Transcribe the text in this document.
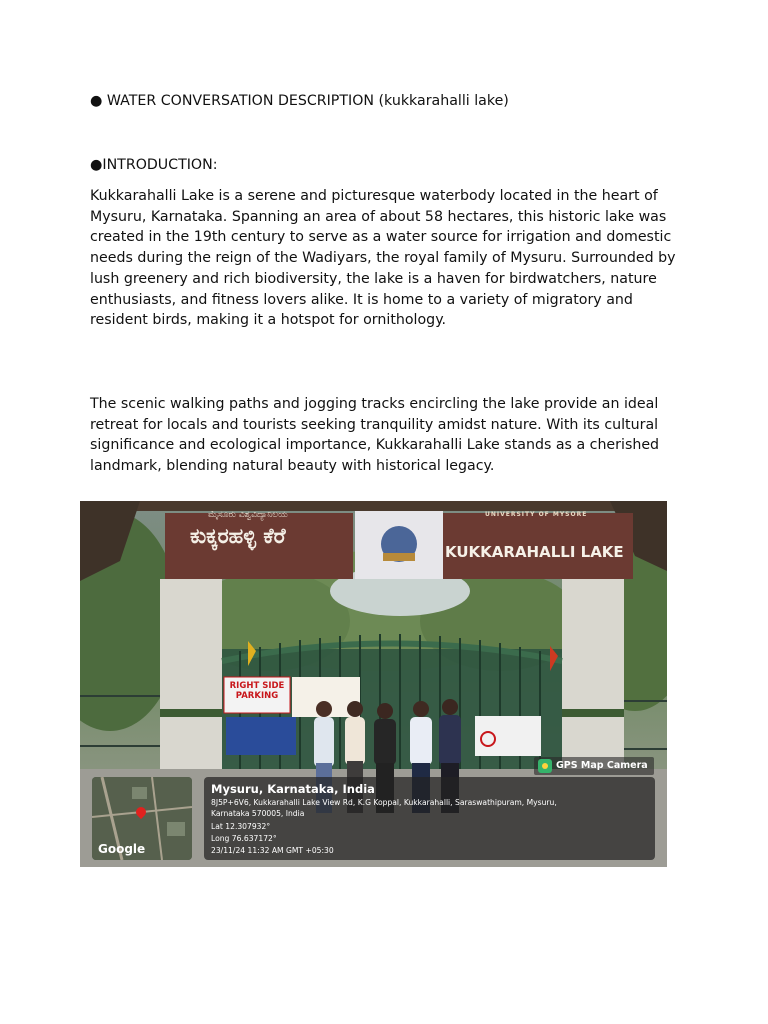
● WATER CONVERSATION DESCRIPTION (kukkarahalli lake)
●INTRODUCTION:

Kukkarahalli Lake is a serene and picturesque waterbody located in the heart of Mysuru, Karnataka. Spanning an area of about 58 hectares, this historic lake was created in the 19th century to serve as a water source for irrigation and domestic needs during the reign of the Wadiyars, the royal family of Mysuru. Surrounded by lush greenery and rich biodiversity, the lake is a haven for birdwatchers, nature enthusiasts, and fitness lovers alike. It is home to a variety of migratory and resident birds, making it a hotspot for ornithology.

The scenic walking paths and jogging tracks encircling the lake provide an ideal retreat for locals and tourists seeking tranquility amidst nature. With its cultural significance and ecological importance, Kukkarahalli Lake stands as a cherished landmark, blending natural beauty with historical legacy.

ಮೈಸೂರು ವಿಶ್ವವಿದ್ಯಾನಿಲಯ
ಕುಕ್ಕರಹಳ್ಳಿ ಕೆರೆ
UNIVERSITY OF MYSORE
KUKKARAHALLI LAKE
RIGHT SIDE PARKING
GPS Map Camera
Google
Mysuru, Karnataka, India
8J5P+6V6, Kukkarahalli Lake View Rd, K.G Koppal, Kukkarahalli, Saraswathipuram, Mysuru,
Karnataka 570005, India
Lat 12.307932°
Long 76.637172°
23/11/24 11:32 AM GMT +05:30
